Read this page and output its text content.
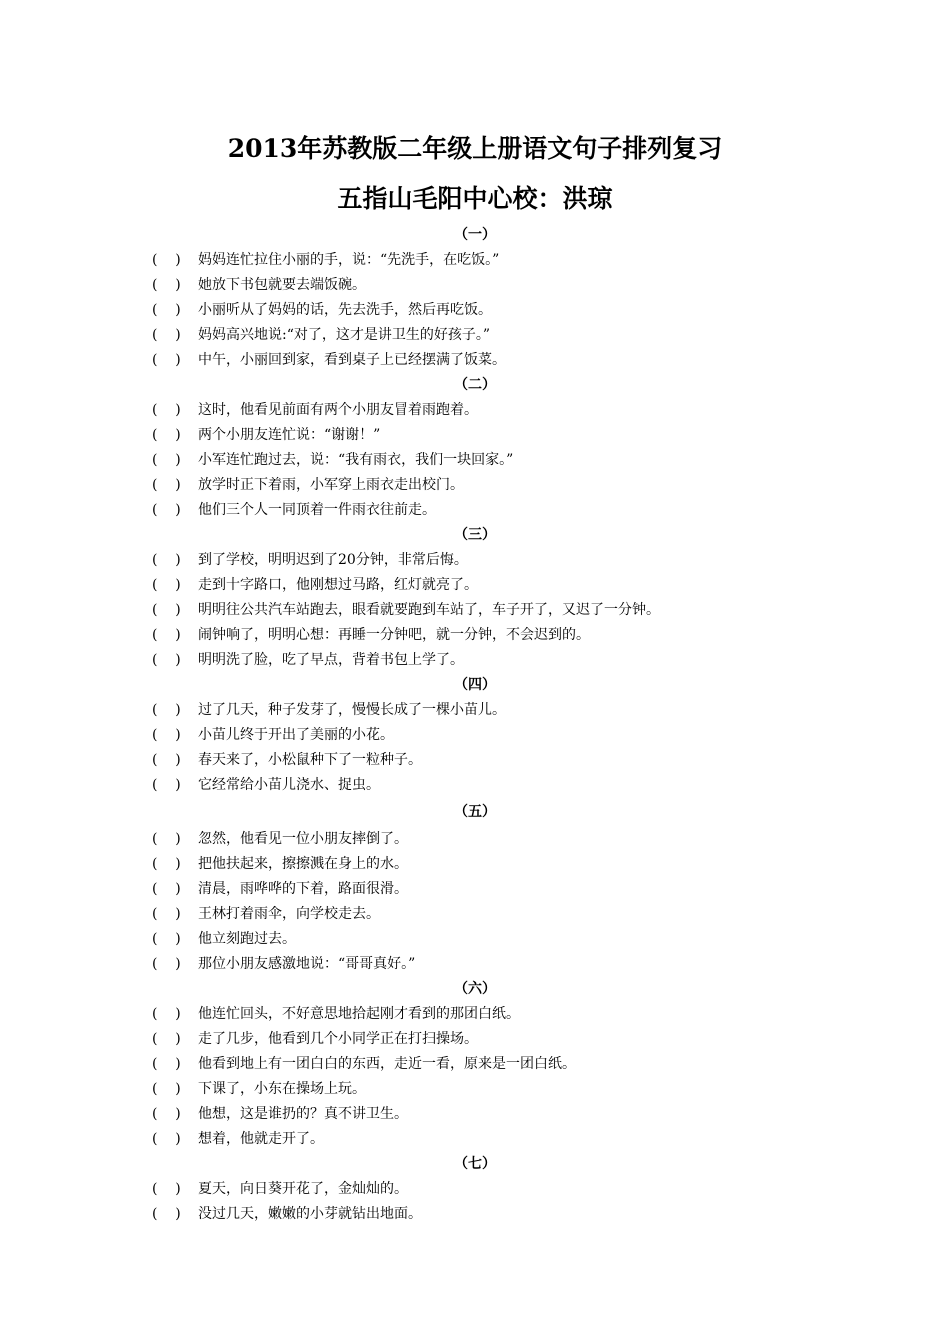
2013年苏教版二年级上册语文句子排列复习
五指山毛阳中心校：洪琼
（一）
(    ) 妈妈连忙拉住小丽的手，说：“先洗手，在吃饭。”
(    ) 她放下书包就要去端饭碗。
(    ) 小丽听从了妈妈的话，先去洗手，然后再吃饭。
(    ) 妈妈高兴地说:“对了，这才是讲卫生的好孩子。”
(    ) 中午，小丽回到家，看到桌子上已经摆满了饭菜。
（二）
(    ) 这时，他看见前面有两个小朋友冒着雨跑着。
(    ) 两个小朋友连忙说：“谢谢！”
(    ) 小军连忙跑过去，说：“我有雨衣，我们一块回家。”
(    ) 放学时正下着雨，小军穿上雨衣走出校门。
(    ) 他们三个人一同顶着一件雨衣往前走。
（三）
(    ) 到了学校，明明迟到了20分钟，非常后悔。
(    ) 走到十字路口，他刚想过马路，红灯就亮了。
(    ) 明明往公共汽车站跑去，眼看就要跑到车站了，车子开了，又迟了一分钟。
(    ) 闹钟响了，明明心想：再睡一分钟吧，就一分钟，不会迟到的。
(    ) 明明洗了脸，吃了早点，背着书包上学了。
（四）
(    ) 过了几天，种子发芽了，慢慢长成了一棵小苗儿。
(    ) 小苗儿终于开出了美丽的小花。
(    ) 春天来了，小松鼠种下了一粒种子。
(    ) 它经常给小苗儿浇水、捉虫。
（五）
(    ) 忽然，他看见一位小朋友摔倒了。
(    ) 把他扶起来，擦擦溅在身上的水。
(    ) 清晨，雨哗哗的下着，路面很滑。
(    ) 王林打着雨伞，向学校走去。
(    ) 他立刻跑过去。
(    ) 那位小朋友感激地说：“哥哥真好。”
（六）
(    ) 他连忙回头，不好意思地拾起刚才看到的那团白纸。
(    ) 走了几步，他看到几个小同学正在打扫操场。
(    ) 他看到地上有一团白白的东西，走近一看，原来是一团白纸。
(    ) 下课了，小东在操场上玩。
(    ) 他想，这是谁扔的？真不讲卫生。
(    ) 想着，他就走开了。
（七）
(    ) 夏天，向日葵开花了，金灿灿的。
(    ) 没过几天，嫩嫩的小芽就钻出地面。
